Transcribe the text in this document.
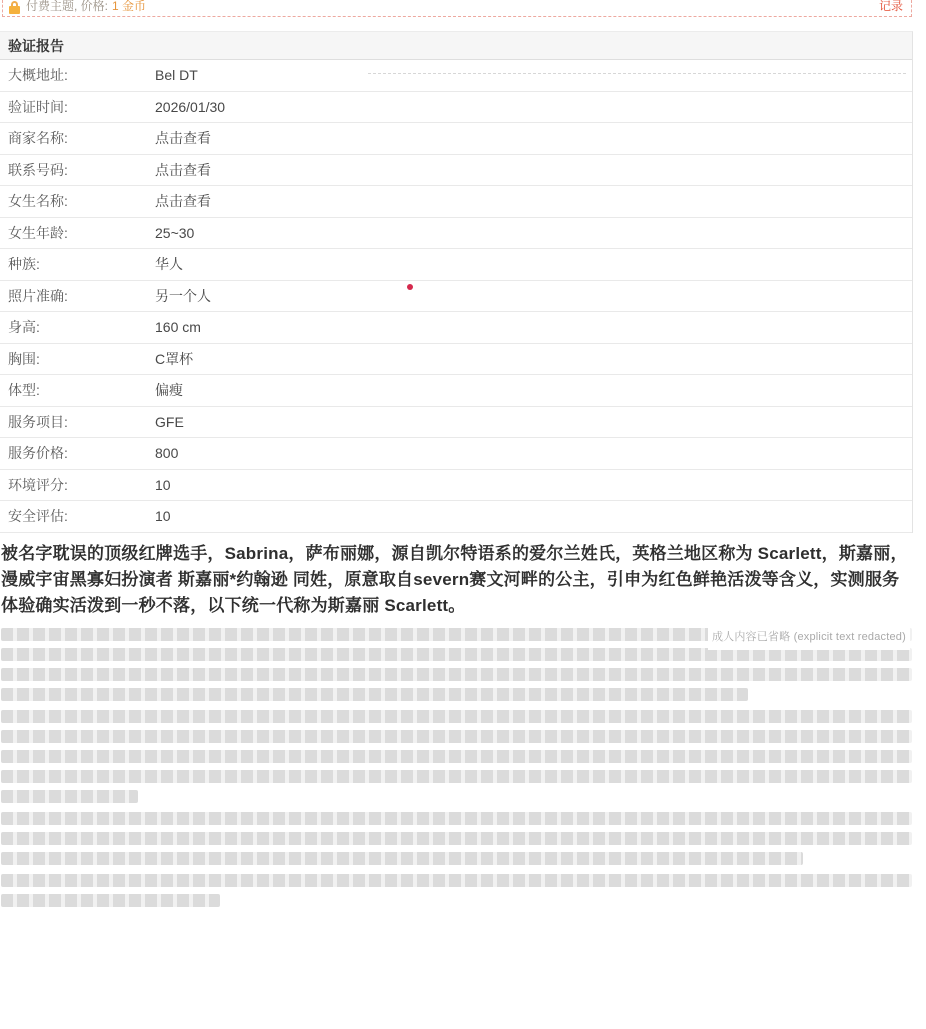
付费主题, 价格: 1 金币	记录
验证报告
大概地址:	Bel DT
验证时间:	2026/01/30
商家名称:	点击查看
联系号码:	点击查看
女生名称:	点击查看
女生年龄:	25~30
种族:	华人
照片准确:	另一个人
身高:	160 cm
胸围:	C罩杯
体型:	偏瘦
服务项目:	GFE
服务价格:	800
环境评分:	10
安全评估:	10

被名字耽误的顶级红牌选手，Sabrina，萨布丽娜，源自凯尔特语系的爱尔兰姓氏，英格兰地区称为 Scarlett，斯嘉丽，漫威宇宙黑寡妇扮演者 斯嘉丽*约翰逊 同姓，原意取自severn赛文河畔的公主，引申为红色鲜艳活泼等含义，实测服务体验确实活泼到一秒不落，以下统一代称为斯嘉丽 Scarlett。

成人内容已省略 (explicit text redacted)
